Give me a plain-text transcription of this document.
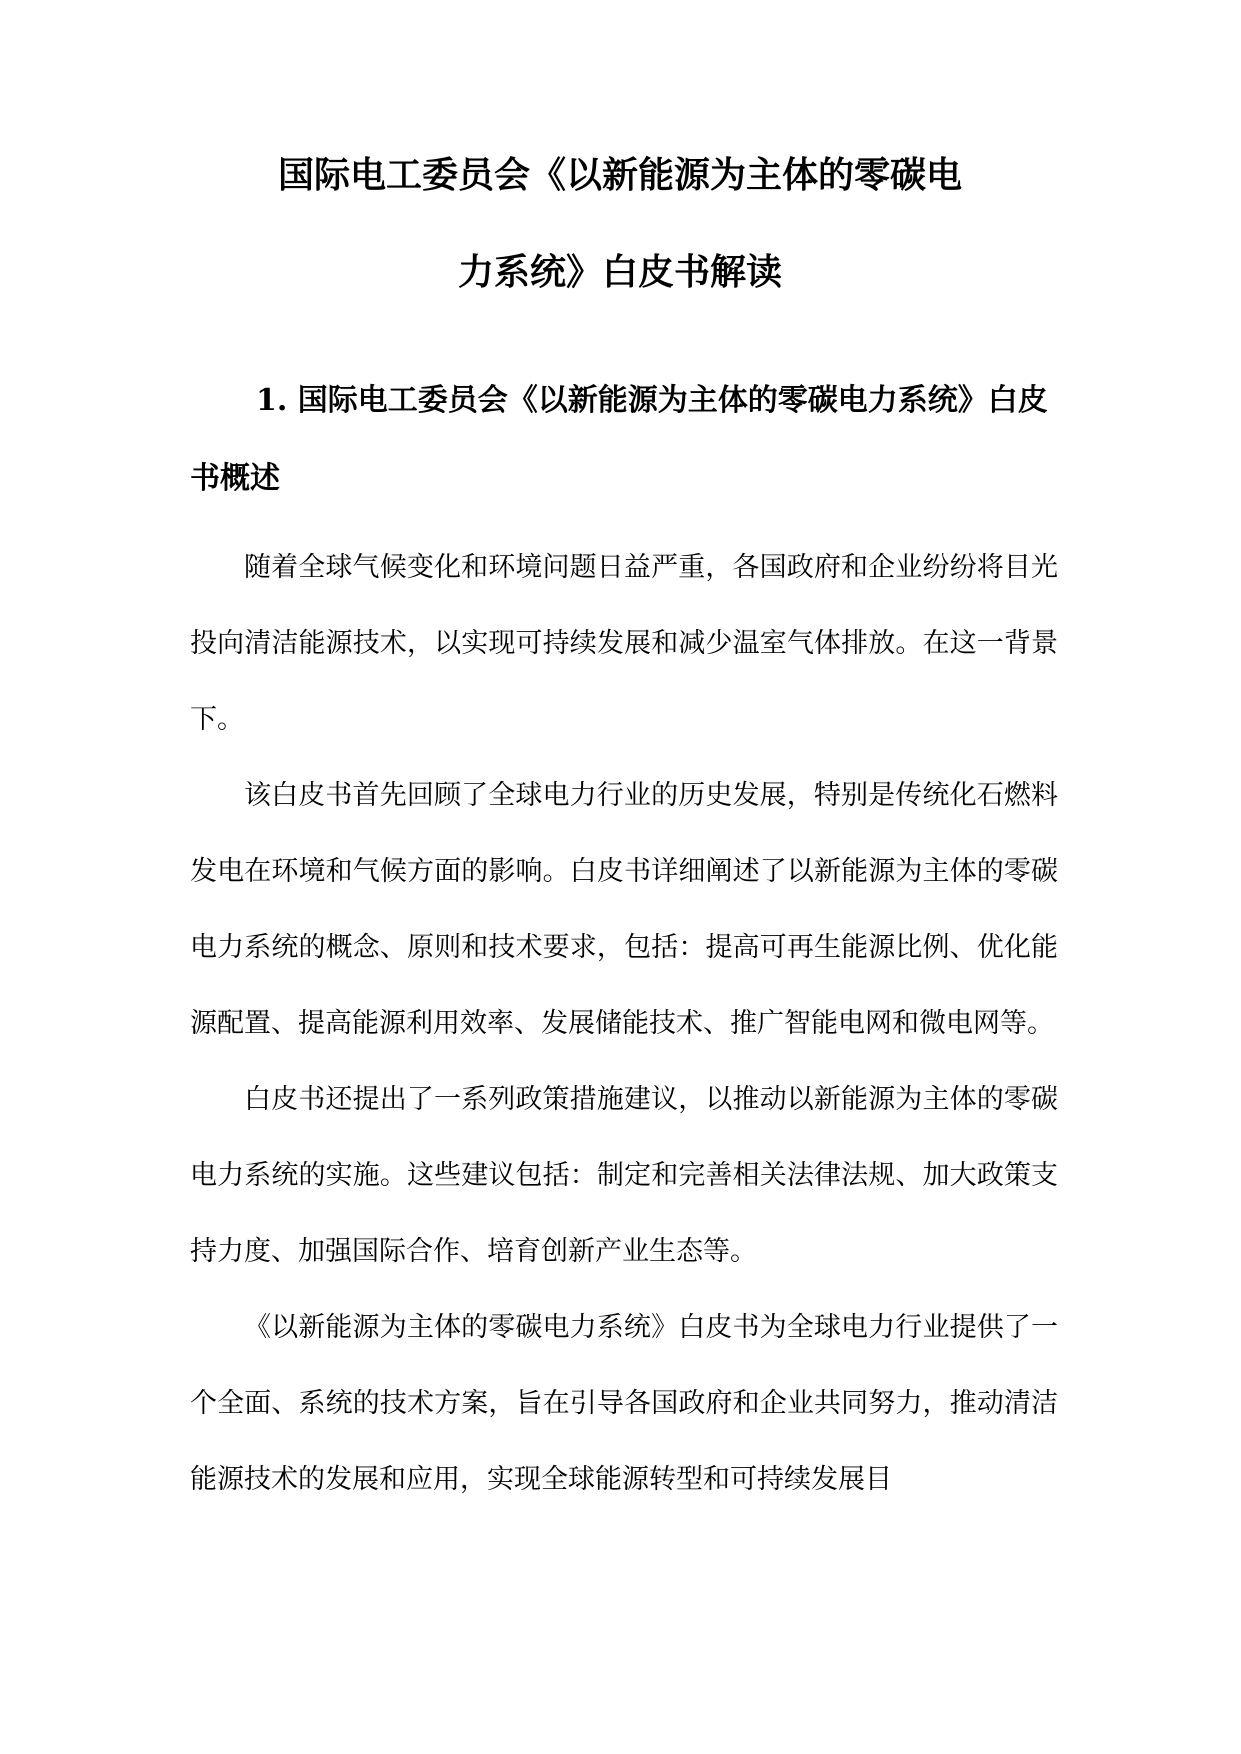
国际电工委员会《以新能源为主体的零碳电
力系统》白皮书解读
1. 国际电工委员会《以新能源为主体的零碳电力系统》白皮书概述

随着全球气候变化和环境问题日益严重，各国政府和企业纷纷将目光投向清洁能源技术，以实现可持续发展和减少温室气体排放。在这一背景下。

该白皮书首先回顾了全球电力行业的历史发展，特别是传统化石燃料发电在环境和气候方面的影响。白皮书详细阐述了以新能源为主体的零碳电力系统的概念、原则和技术要求，包括：提高可再生能源比例、优化能源配置、提高能源利用效率、发展储能技术、推广智能电网和微电网等。

白皮书还提出了一系列政策措施建议，以推动以新能源为主体的零碳电力系统的实施。这些建议包括：制定和完善相关法律法规、加大政策支持力度、加强国际合作、培育创新产业生态等。

《以新能源为主体的零碳电力系统》白皮书为全球电力行业提供了一个全面、系统的技术方案，旨在引导各国政府和企业共同努力，推动清洁能源技术的发展和应用，实现全球能源转型和可持续发展目
